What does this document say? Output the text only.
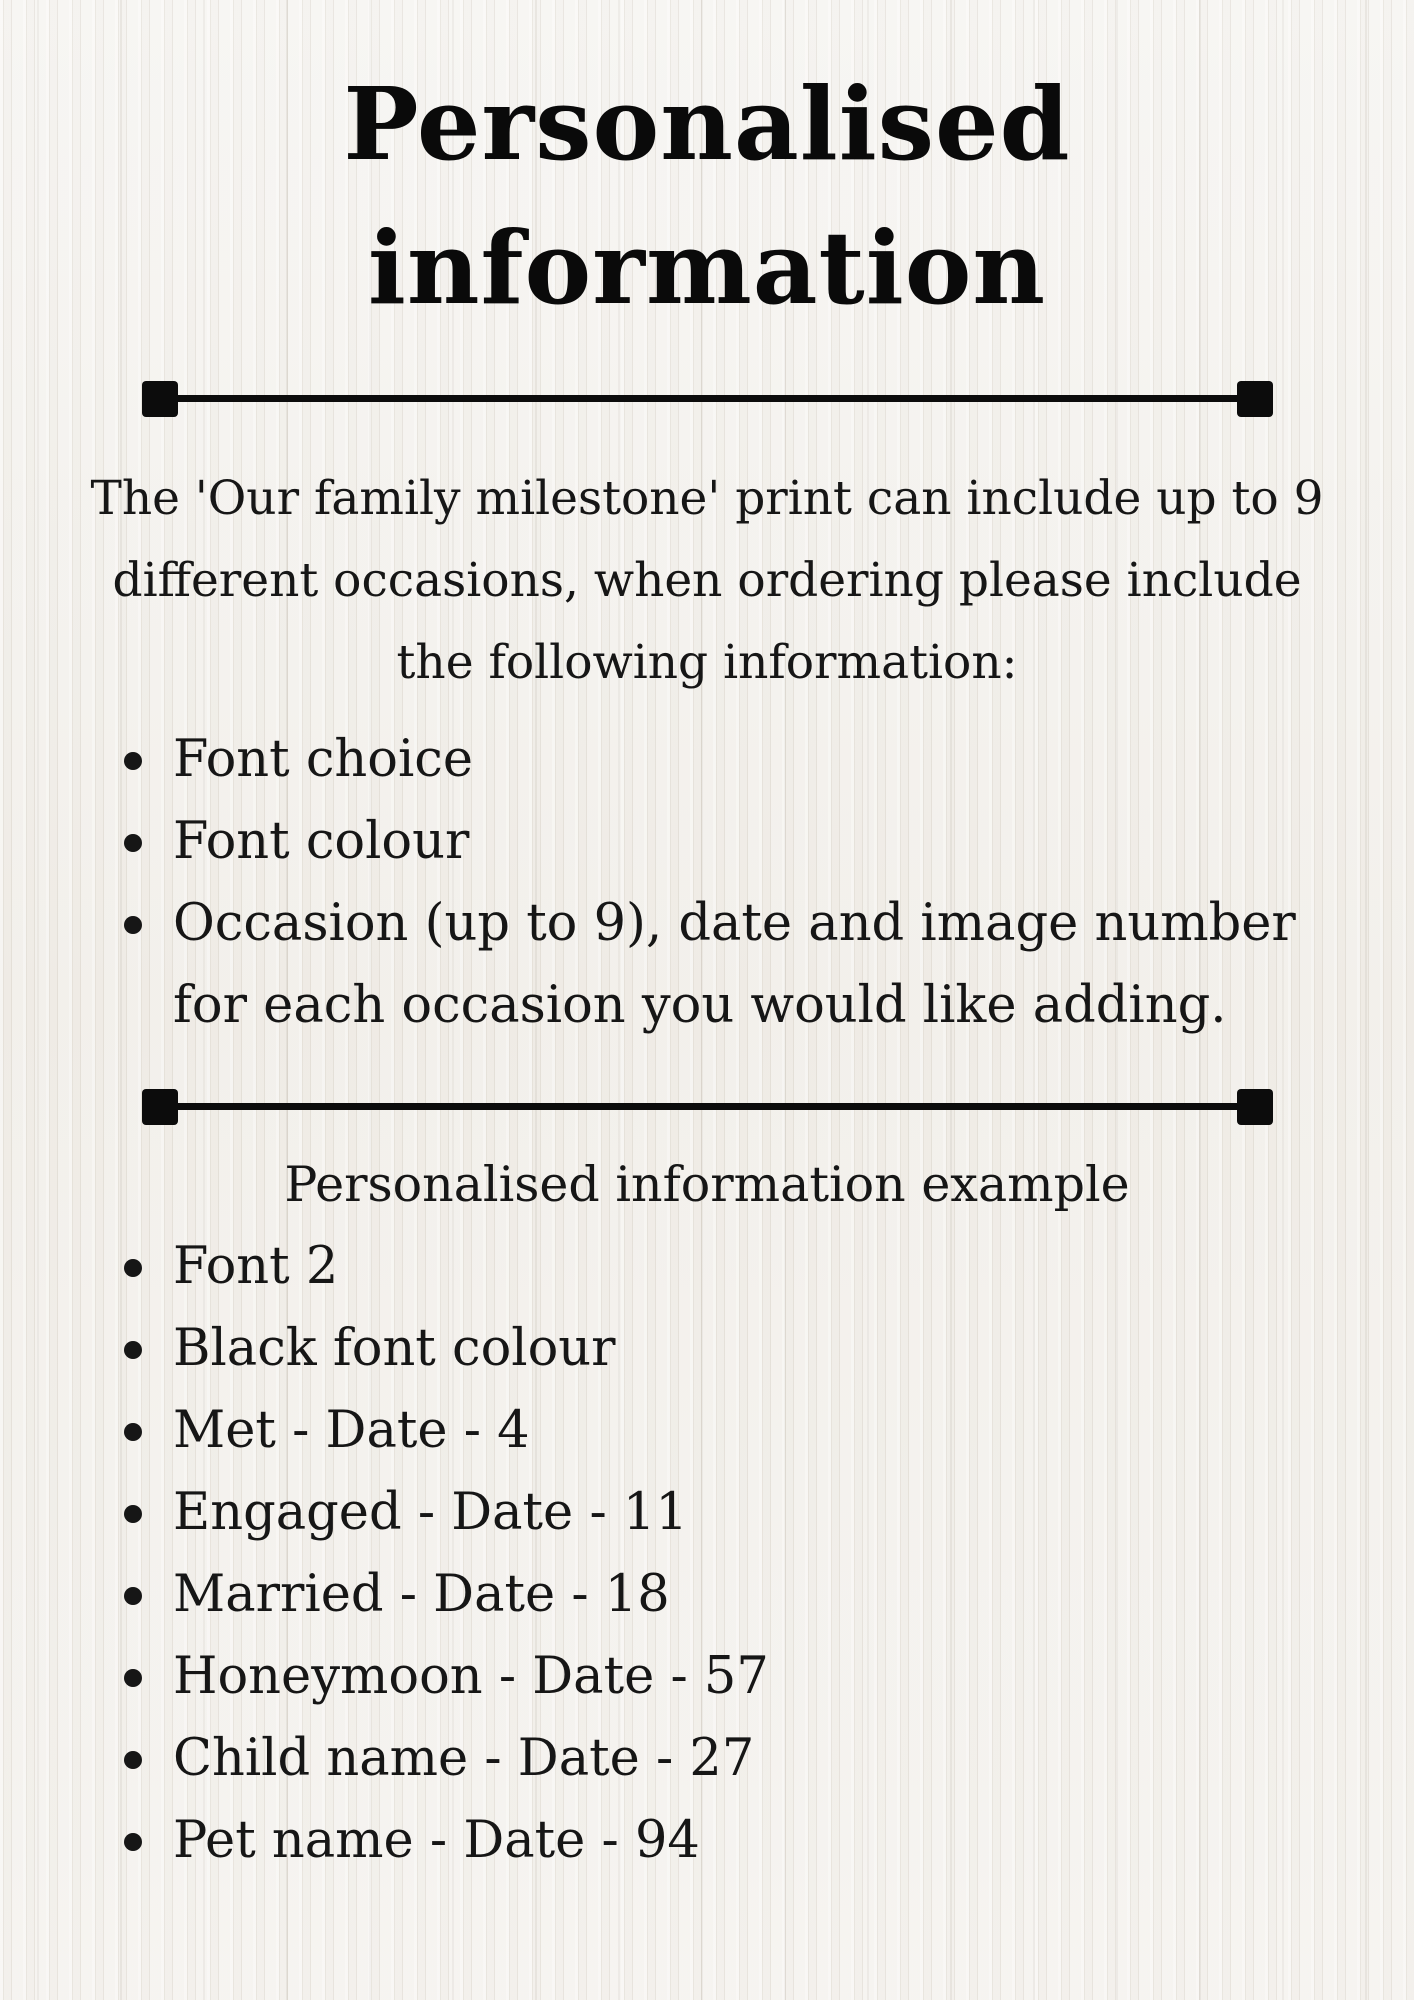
Personalised
information

The 'Our family milestone' print can include up to 9 different occasions, when ordering please include the following information:

Font choice
Font colour
Occasion (up to 9), date and image number for each occasion you would like adding.

Personalised information example

Font 2
Black font colour
Met - Date - 4
Engaged - Date - 11
Married - Date - 18
Honeymoon - Date - 57
Child name - Date - 27
Pet name - Date - 94
